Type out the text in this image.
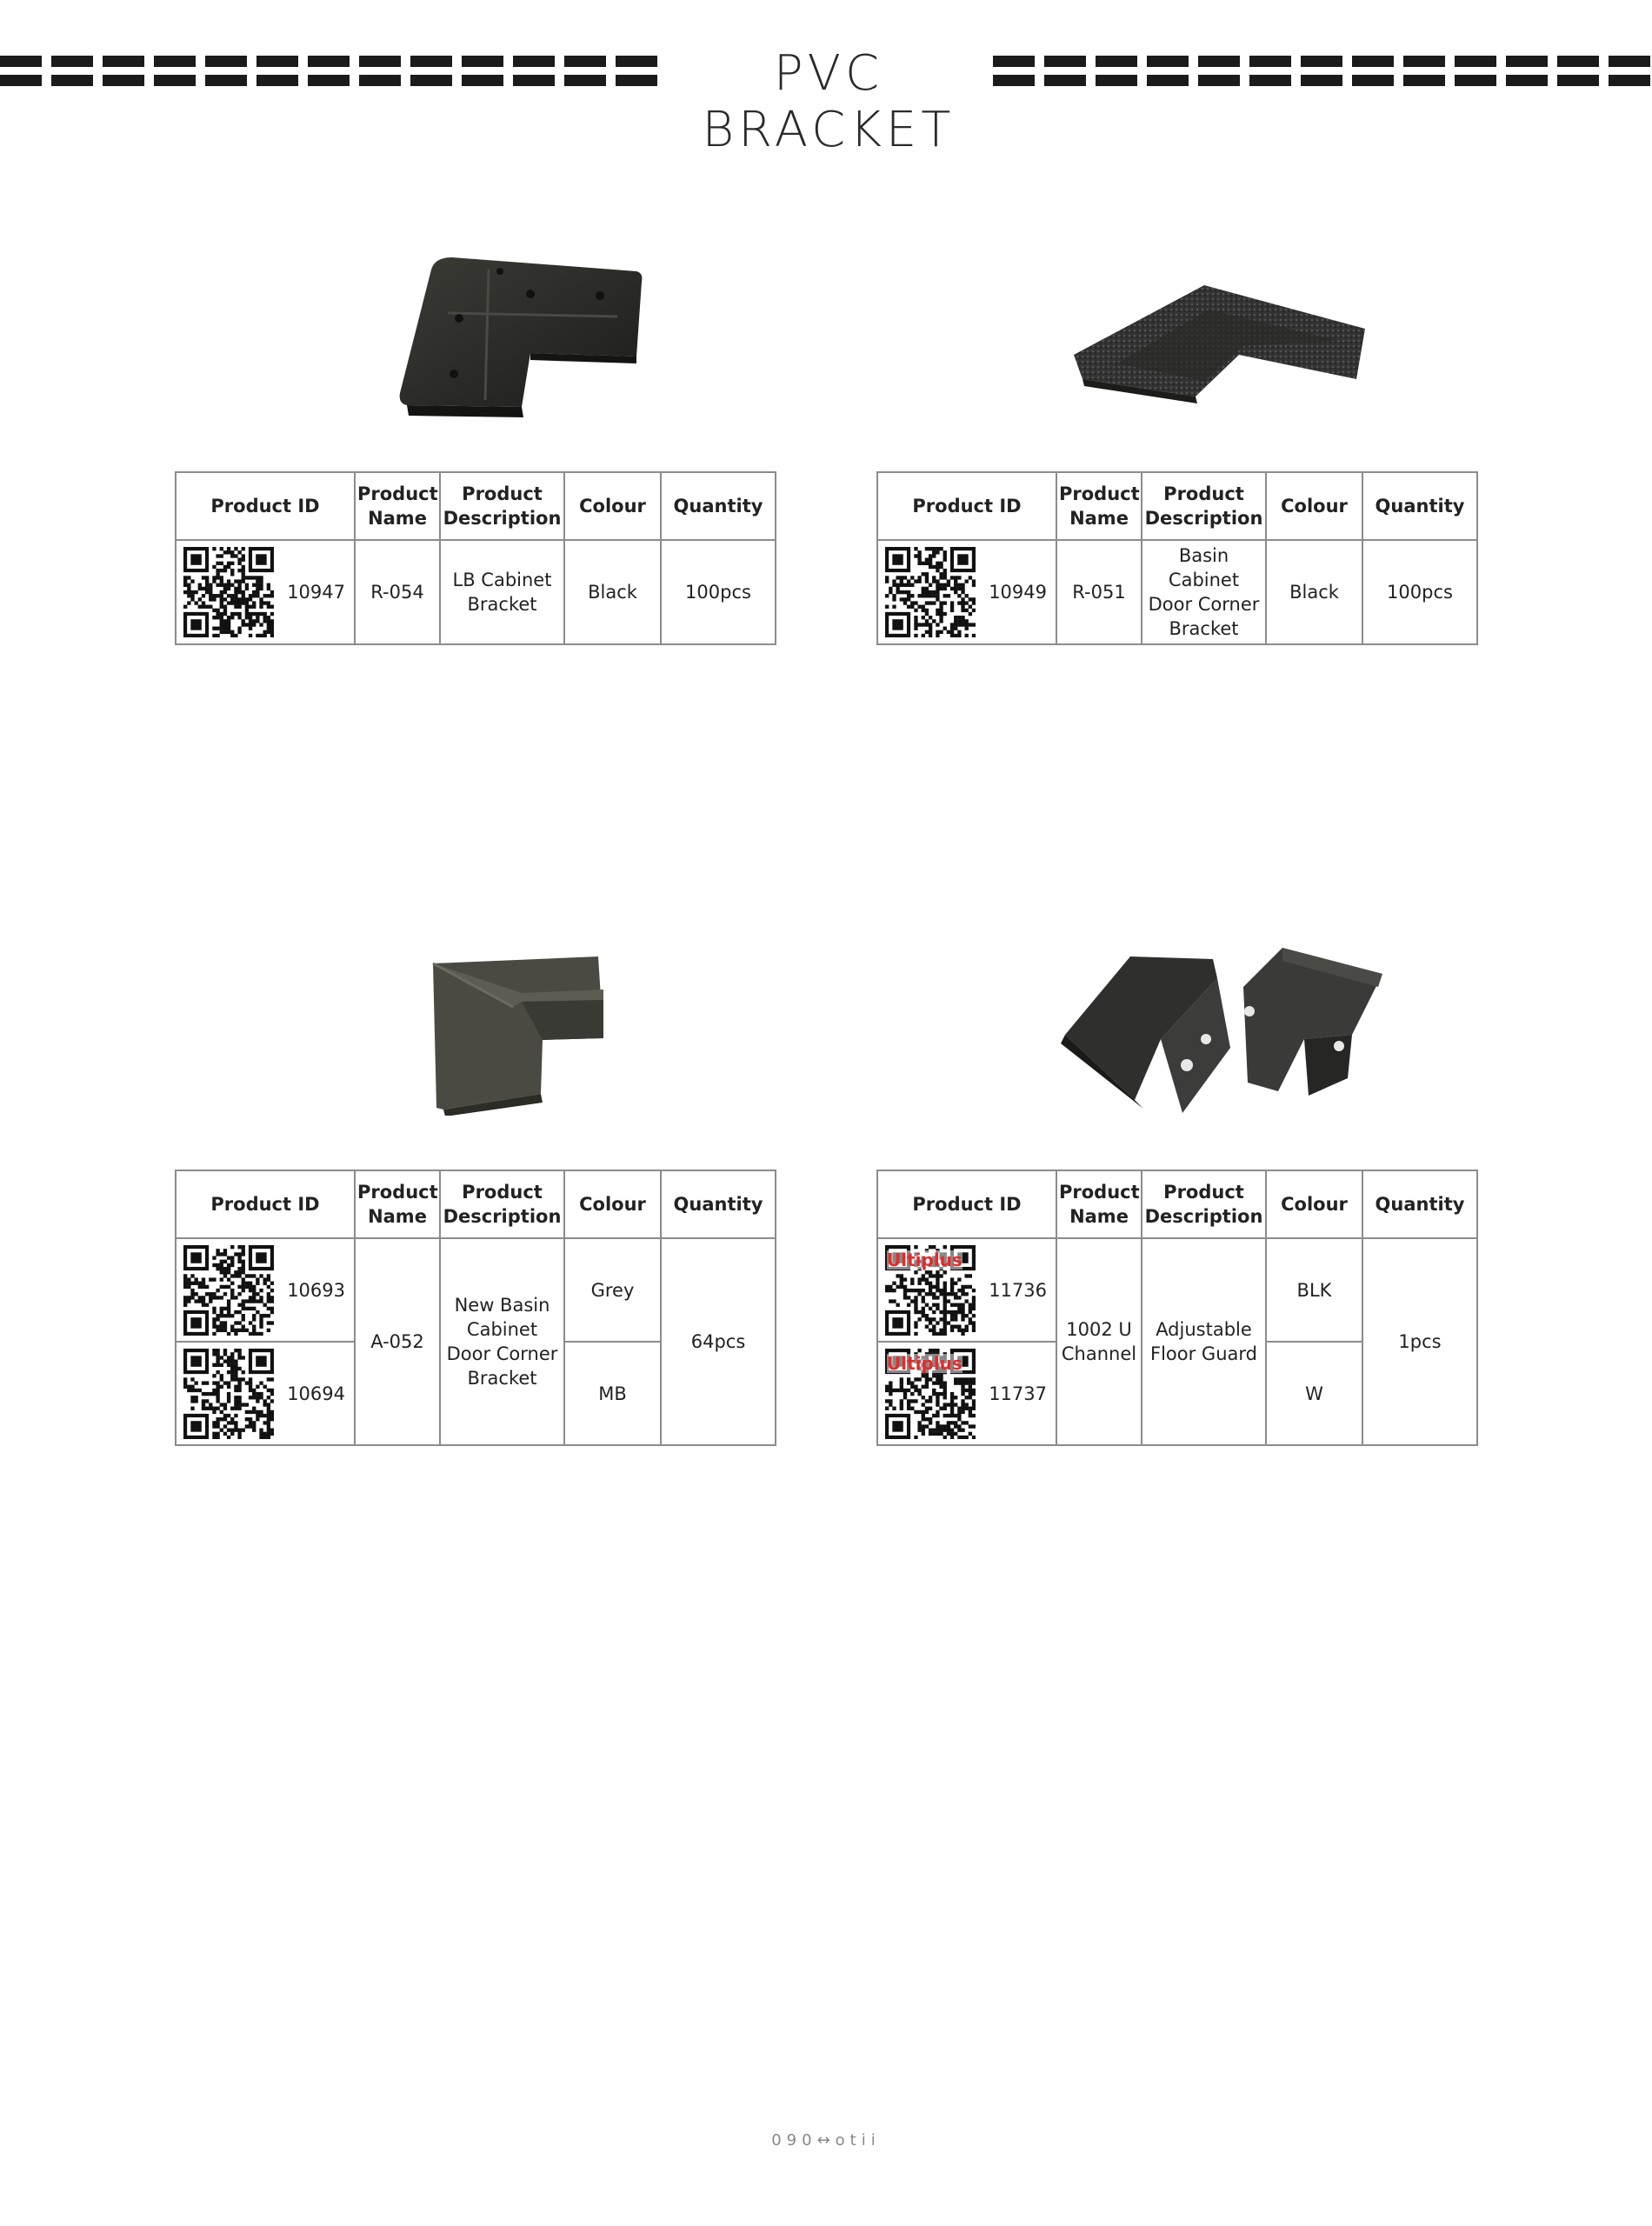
PVC BRACKET
Product ID	Product Name	Product Description	Colour	Quantity

10947	R-054	LB Cabinet Bracket	Black	100pcs
Product ID	Product Name	Product Description	Colour	Quantity

10949	R-051	Basin Cabinet Door Corner Bracket	Black	100pcs
Product ID	Product Name	Product Description	Colour	Quantity

10693	A-052	New Basin Cabinet Door Corner Bracket	Grey	64pcs

10694			MB	
Product ID	Product Name	Product Description	Colour	Quantity

Ultiplus
11736	1002 U Channel	Adjustable Floor Guard	BLK	1pcs

Ultiplus
11737			W	
090↔otii
